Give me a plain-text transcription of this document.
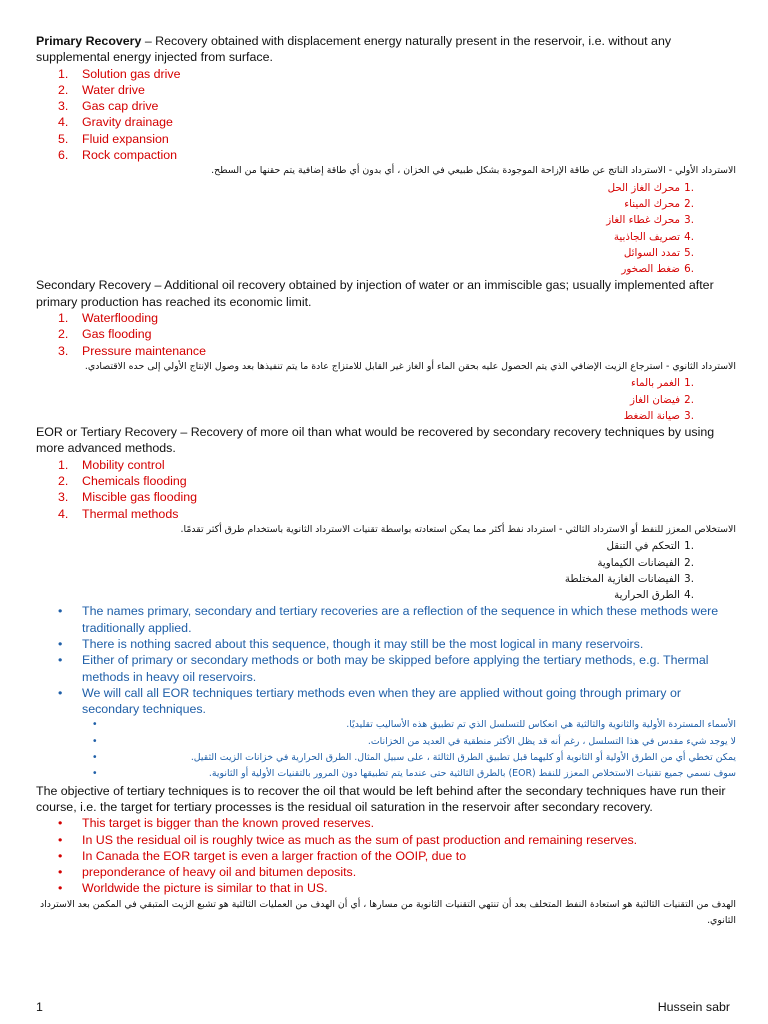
Primary Recovery – Recovery obtained with displacement energy naturally present in the reservoir, i.e. without any supplemental energy injected from surface.
1. Solution gas drive
2. Water drive
3. Gas cap drive
4. Gravity drainage
5. Fluid expansion
6. Rock compaction
الاسترداد الأولي - الاسترداد الناتج عن طاقة الإزاحة الموجودة بشكل طبيعي في الخزان ، أي بدون أي طاقة إضافية يتم حقنها من السطح.
1.
محرك الغاز الحل
2.
محرك الميناء
3.
محرك غطاء الغاز
4.
تصريف الجاذبية
5.
تمدد السوائل
6.
ضغط الصخور
Secondary Recovery – Additional oil recovery obtained by injection of water or an immiscible gas; usually implemented after primary production has reached its economic limit.
1. Waterflooding
2. Gas flooding
3. Pressure maintenance
الاسترداد الثانوي - استرجاع الزيت الإضافي الذي يتم الحصول عليه بحقن الماء أو الغاز غير القابل للامتزاج عادة ما يتم تنفيذها بعد وصول الإنتاج الأولي إلى حده الاقتصادي.
1.
الغمر بالماء
2.
فيضان الغاز
3.
صيانة الضغط
EOR or Tertiary Recovery – Recovery of more oil than what would be recovered by secondary recovery techniques by using more advanced methods.
1. Mobility control
2. Chemicals flooding
3. Miscible gas flooding
4. Thermal methods
الاستخلاص المعزز للنفط أو الاسترداد الثالثي - استرداد نفط أكثر مما يمكن استعادته بواسطة تقنيات الاسترداد الثانوية باستخدام طرق أكثر تقدمًا.
1.
التحكم في التنقل
2.
الفيضانات الكيماوية
3.
الفيضانات الغازية المختلطة
4.
الطرق الحرارية
• The names primary, secondary and tertiary recoveries are a reflection of the sequence in which these methods were traditionally applied.
• There is nothing sacred about this sequence, though it may still be the most logical in many reservoirs.
• Either of primary or secondary methods or both may be skipped before applying the tertiary methods, e.g. Thermal methods in heavy oil reservoirs.
• We will call all EOR techniques tertiary methods even when they are applied without going through primary or secondary techniques.
•	الأسماء المستردة الأولية والثانوية والثالثية هي انعكاس للتسلسل الذي تم تطبيق هذه الأساليب تقليديًا.
•	لا يوجد شيء مقدس في هذا التسلسل ، رغم أنه قد يظل الأكثر منطقية في العديد من الخزانات.
•	يمكن تخطي أي من الطرق الأولية أو الثانوية أو كليهما قبل تطبيق الطرق الثالثة ، على سبيل المثال. الطرق الحرارية في خزانات الزيت الثقيل.
•	سوف نسمي جميع تقنيات الاستخلاص المعزز للنفط (EOR) بالطرق الثالثية حتى عندما يتم تطبيقها دون المرور بالتقنيات الأولية أو الثانوية.
The objective of tertiary techniques is to recover the oil that would be left behind after the secondary techniques have run their course, i.e. the target for tertiary processes is the residual oil saturation in the reservoir after secondary recovery.
• This target is bigger than the known proved reserves.
• In US the residual oil is roughly twice as much as the sum of past production and remaining reserves.
• In Canada the EOR target is even a larger fraction of the OOIP, due to
• preponderance of heavy oil and bitumen deposits.
• Worldwide the picture is similar to that in US.
الهدف من التقنيات الثالثية هو استعادة النفط المتخلف بعد أن تنتهي التقنيات الثانوية من مسارها ، أي أن الهدف من العمليات الثالثية هو تشبع الزيت المتبقي في المكمن بعد الاسترداد الثانوي.
1	Hussein sabr
